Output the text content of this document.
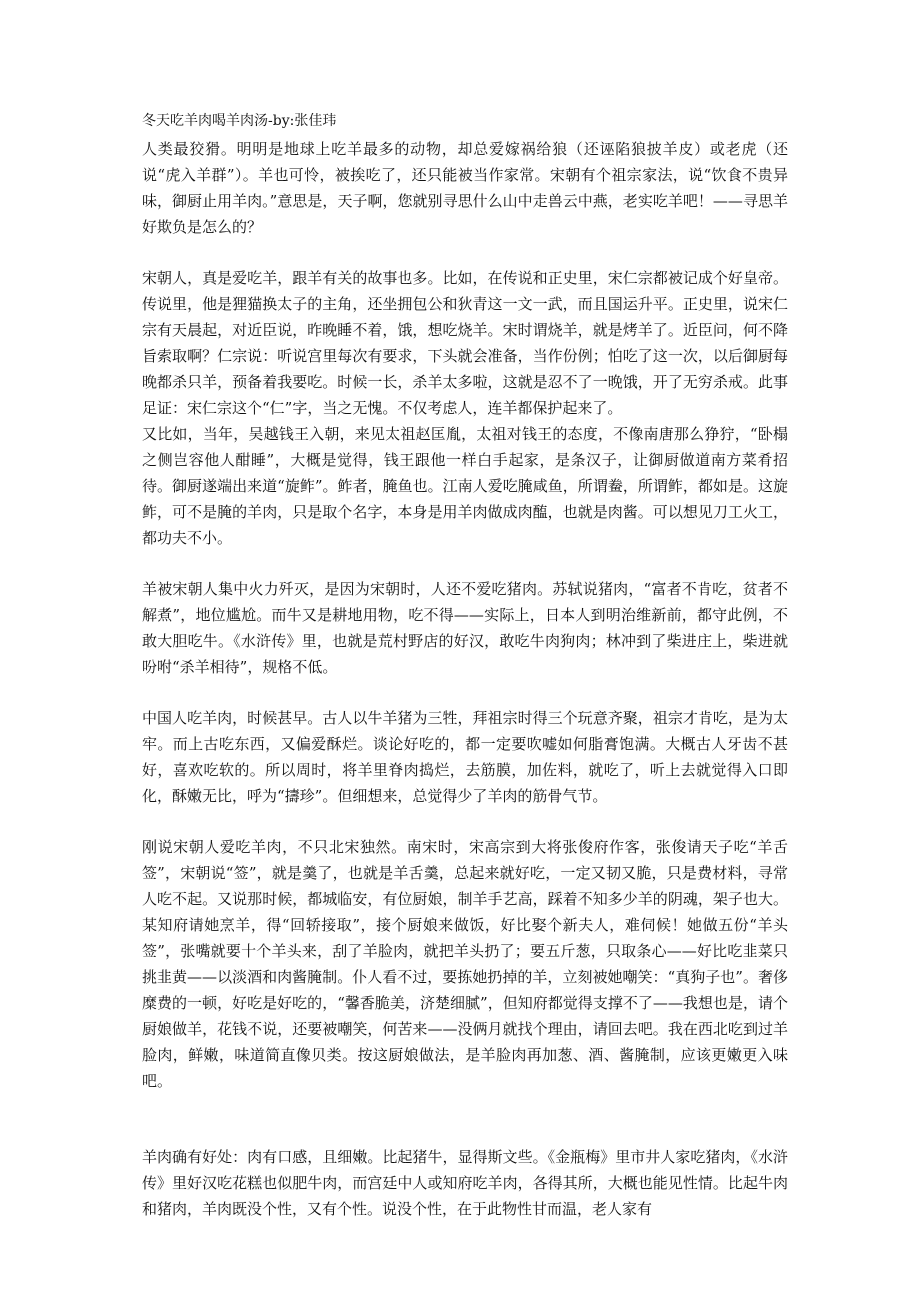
冬天吃羊肉喝羊肉汤-by:张佳玮

人类最狡猾。明明是地球上吃羊最多的动物，却总爱嫁祸给狼（还诬陷狼披羊皮）或老虎（还说“虎入羊群”）。羊也可怜，被挨吃了，还只能被当作家常。宋朝有个祖宗家法，说“饮食不贵异味，御厨止用羊肉。”意思是，天子啊，您就别寻思什么山中走兽云中燕，老实吃羊吧！——寻思羊好欺负是怎么的？

宋朝人，真是爱吃羊，跟羊有关的故事也多。比如，在传说和正史里，宋仁宗都被记成个好皇帝。传说里，他是狸猫换太子的主角，还坐拥包公和狄青这一文一武，而且国运升平。正史里，说宋仁宗有天晨起，对近臣说，昨晚睡不着，饿，想吃烧羊。宋时谓烧羊，就是烤羊了。近臣问，何不降旨索取啊？仁宗说：听说宫里每次有要求，下头就会准备，当作份例；怕吃了这一次，以后御厨每晚都杀只羊，预备着我要吃。时候一长，杀羊太多啦，这就是忍不了一晚饿，开了无穷杀戒。此事足证：宋仁宗这个“仁”字，当之无愧。不仅考虑人，连羊都保护起来了。

又比如，当年，吴越钱王入朝，来见太祖赵匡胤，太祖对钱王的态度，不像南唐那么狰狞，“卧榻之侧岂容他人酣睡”，大概是觉得，钱王跟他一样白手起家，是条汉子，让御厨做道南方菜肴招待。御厨遂端出来道“旋鲊”。鲊者，腌鱼也。江南人爱吃腌咸鱼，所谓鲞，所谓鲊，都如是。这旋鲊，可不是腌的羊肉，只是取个名字，本身是用羊肉做成肉醢，也就是肉酱。可以想见刀工火工，都功夫不小。

羊被宋朝人集中火力歼灭，是因为宋朝时，人还不爱吃猪肉。苏轼说猪肉，“富者不肯吃，贫者不解煮”，地位尴尬。而牛又是耕地用物，吃不得——实际上，日本人到明治维新前，都守此例，不敢大胆吃牛。《水浒传》里，也就是荒村野店的好汉，敢吃牛肉狗肉；林冲到了柴进庄上，柴进就吩咐“杀羊相待”，规格不低。

中国人吃羊肉，时候甚早。古人以牛羊猪为三牲，拜祖宗时得三个玩意齐聚，祖宗才肯吃，是为太牢。而上古吃东西，又偏爱酥烂。谈论好吃的，都一定要吹嘘如何脂膏饱满。大概古人牙齿不甚好，喜欢吃软的。所以周时，将羊里脊肉捣烂，去筋膜，加佐料，就吃了，听上去就觉得入口即化，酥嫩无比，呼为“擣珍”。但细想来，总觉得少了羊肉的筋骨气节。

刚说宋朝人爱吃羊肉，不只北宋独然。南宋时，宋高宗到大将张俊府作客，张俊请天子吃“羊舌签”，宋朝说“签”，就是羹了，也就是羊舌羹，总起来就好吃，一定又韧又脆，只是费材料，寻常人吃不起。又说那时候，都城临安，有位厨娘，制羊手艺高，踩着不知多少羊的阴魂，架子也大。某知府请她烹羊，得“回轿接取”，接个厨娘来做饭，好比娶个新夫人，难伺候！她做五份“羊头签”，张嘴就要十个羊头来，刮了羊脸肉，就把羊头扔了；要五斤葱，只取条心——好比吃韭菜只挑韭黄——以淡酒和肉酱腌制。仆人看不过，要拣她扔掉的羊，立刻被她嘲笑：“真狗子也”。奢侈糜费的一顿，好吃是好吃的，“馨香脆美，济楚细腻”，但知府都觉得支撑不了——我想也是，请个厨娘做羊，花钱不说，还要被嘲笑，何苦来——没俩月就找个理由，请回去吧。我在西北吃到过羊脸肉，鲜嫩，味道简直像贝类。按这厨娘做法，是羊脸肉再加葱、酒、酱腌制，应该更嫩更入味吧。

羊肉确有好处：肉有口感，且细嫩。比起猪牛，显得斯文些。《金瓶梅》里市井人家吃猪肉，《水浒传》里好汉吃花糕也似肥牛肉，而宫廷中人或知府吃羊肉，各得其所，大概也能见性情。比起牛肉和猪肉，羊肉既没个性，又有个性。说没个性，在于此物性甘而温，老人家有
